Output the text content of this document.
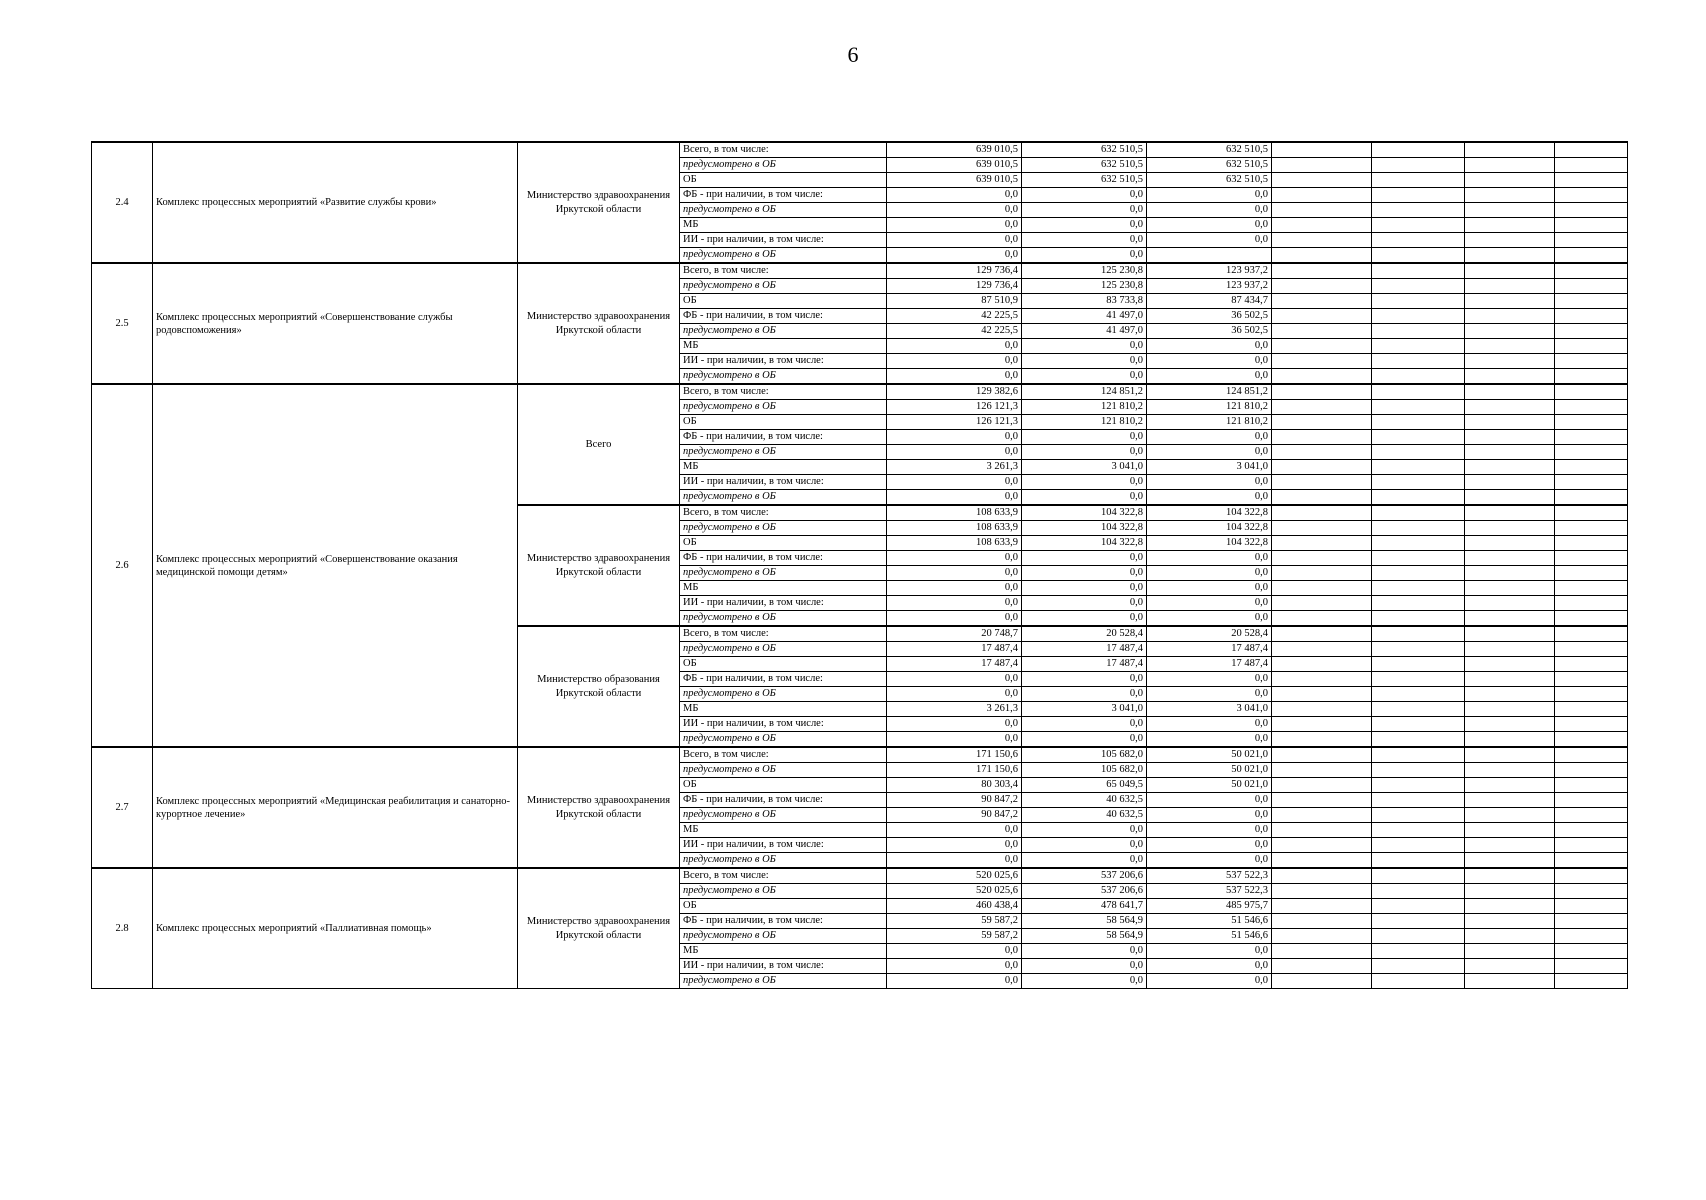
6
2.4	Комплекс процессных мероприятий «Развитие службы крови»	Министерство здравоохранения Иркутской области	Всего, в том числе:	639 010,5	632 510,5	632 510,5				
			предусмотрено в ОБ	639 010,5	632 510,5	632 510,5				
			ОБ	639 010,5	632 510,5	632 510,5				
			ФБ - при наличии, в том числе:	0,0	0,0	0,0				
			предусмотрено в ОБ	0,0	0,0	0,0				
			МБ	0,0	0,0	0,0				
			ИИ - при наличии, в том числе:	0,0	0,0	0,0				
			предусмотрено в ОБ	0,0	0,0					
2.5	Комплекс процессных мероприятий «Совершенствование службы родовспоможения»	Министерство здравоохранения Иркутской области	Всего, в том числе:	129 736,4	125 230,8	123 937,2				
			предусмотрено в ОБ	129 736,4	125 230,8	123 937,2				
			ОБ	87 510,9	83 733,8	87 434,7				
			ФБ - при наличии, в том числе:	42 225,5	41 497,0	36 502,5				
			предусмотрено в ОБ	42 225,5	41 497,0	36 502,5				
			МБ	0,0	0,0	0,0				
			ИИ - при наличии, в том числе:	0,0	0,0	0,0				
			предусмотрено в ОБ	0,0	0,0	0,0				
2.6	Комплекс процессных мероприятий «Совершенствование оказания медицинской помощи детям»	Всего	Всего, в том числе:	129 382,6	124 851,2	124 851,2				
			предусмотрено в ОБ	126 121,3	121 810,2	121 810,2				
			ОБ	126 121,3	121 810,2	121 810,2				
			ФБ - при наличии, в том числе:	0,0	0,0	0,0				
			предусмотрено в ОБ	0,0	0,0	0,0				
			МБ	3 261,3	3 041,0	3 041,0				
			ИИ - при наличии, в том числе:	0,0	0,0	0,0				
			предусмотрено в ОБ	0,0	0,0	0,0				
		Министерство здравоохранения Иркутской области	Всего, в том числе:	108 633,9	104 322,8	104 322,8				
			предусмотрено в ОБ	108 633,9	104 322,8	104 322,8				
			ОБ	108 633,9	104 322,8	104 322,8				
			ФБ - при наличии, в том числе:	0,0	0,0	0,0				
			предусмотрено в ОБ	0,0	0,0	0,0				
			МБ	0,0	0,0	0,0				
			ИИ - при наличии, в том числе:	0,0	0,0	0,0				
			предусмотрено в ОБ	0,0	0,0	0,0				
		Министерство образования Иркутской области	Всего, в том числе:	20 748,7	20 528,4	20 528,4				
			предусмотрено в ОБ	17 487,4	17 487,4	17 487,4				
			ОБ	17 487,4	17 487,4	17 487,4				
			ФБ - при наличии, в том числе:	0,0	0,0	0,0				
			предусмотрено в ОБ	0,0	0,0	0,0				
			МБ	3 261,3	3 041,0	3 041,0				
			ИИ - при наличии, в том числе:	0,0	0,0	0,0				
			предусмотрено в ОБ	0,0	0,0	0,0				
2.7	Комплекс процессных мероприятий «Медицинская реабилитация и санаторно-курортное лечение»	Министерство здравоохранения Иркутской области	Всего, в том числе:	171 150,6	105 682,0	50 021,0				
			предусмотрено в ОБ	171 150,6	105 682,0	50 021,0				
			ОБ	80 303,4	65 049,5	50 021,0				
			ФБ - при наличии, в том числе:	90 847,2	40 632,5	0,0				
			предусмотрено в ОБ	90 847,2	40 632,5	0,0				
			МБ	0,0	0,0	0,0				
			ИИ - при наличии, в том числе:	0,0	0,0	0,0				
			предусмотрено в ОБ	0,0	0,0	0,0				
2.8	Комплекс процессных мероприятий «Паллиативная помощь»	Министерство здравоохранения Иркутской области	Всего, в том числе:	520 025,6	537 206,6	537 522,3				
			предусмотрено в ОБ	520 025,6	537 206,6	537 522,3				
			ОБ	460 438,4	478 641,7	485 975,7				
			ФБ - при наличии, в том числе:	59 587,2	58 564,9	51 546,6				
			предусмотрено в ОБ	59 587,2	58 564,9	51 546,6				
			МБ	0,0	0,0	0,0				
			ИИ - при наличии, в том числе:	0,0	0,0	0,0				
			предусмотрено в ОБ	0,0	0,0	0,0				
